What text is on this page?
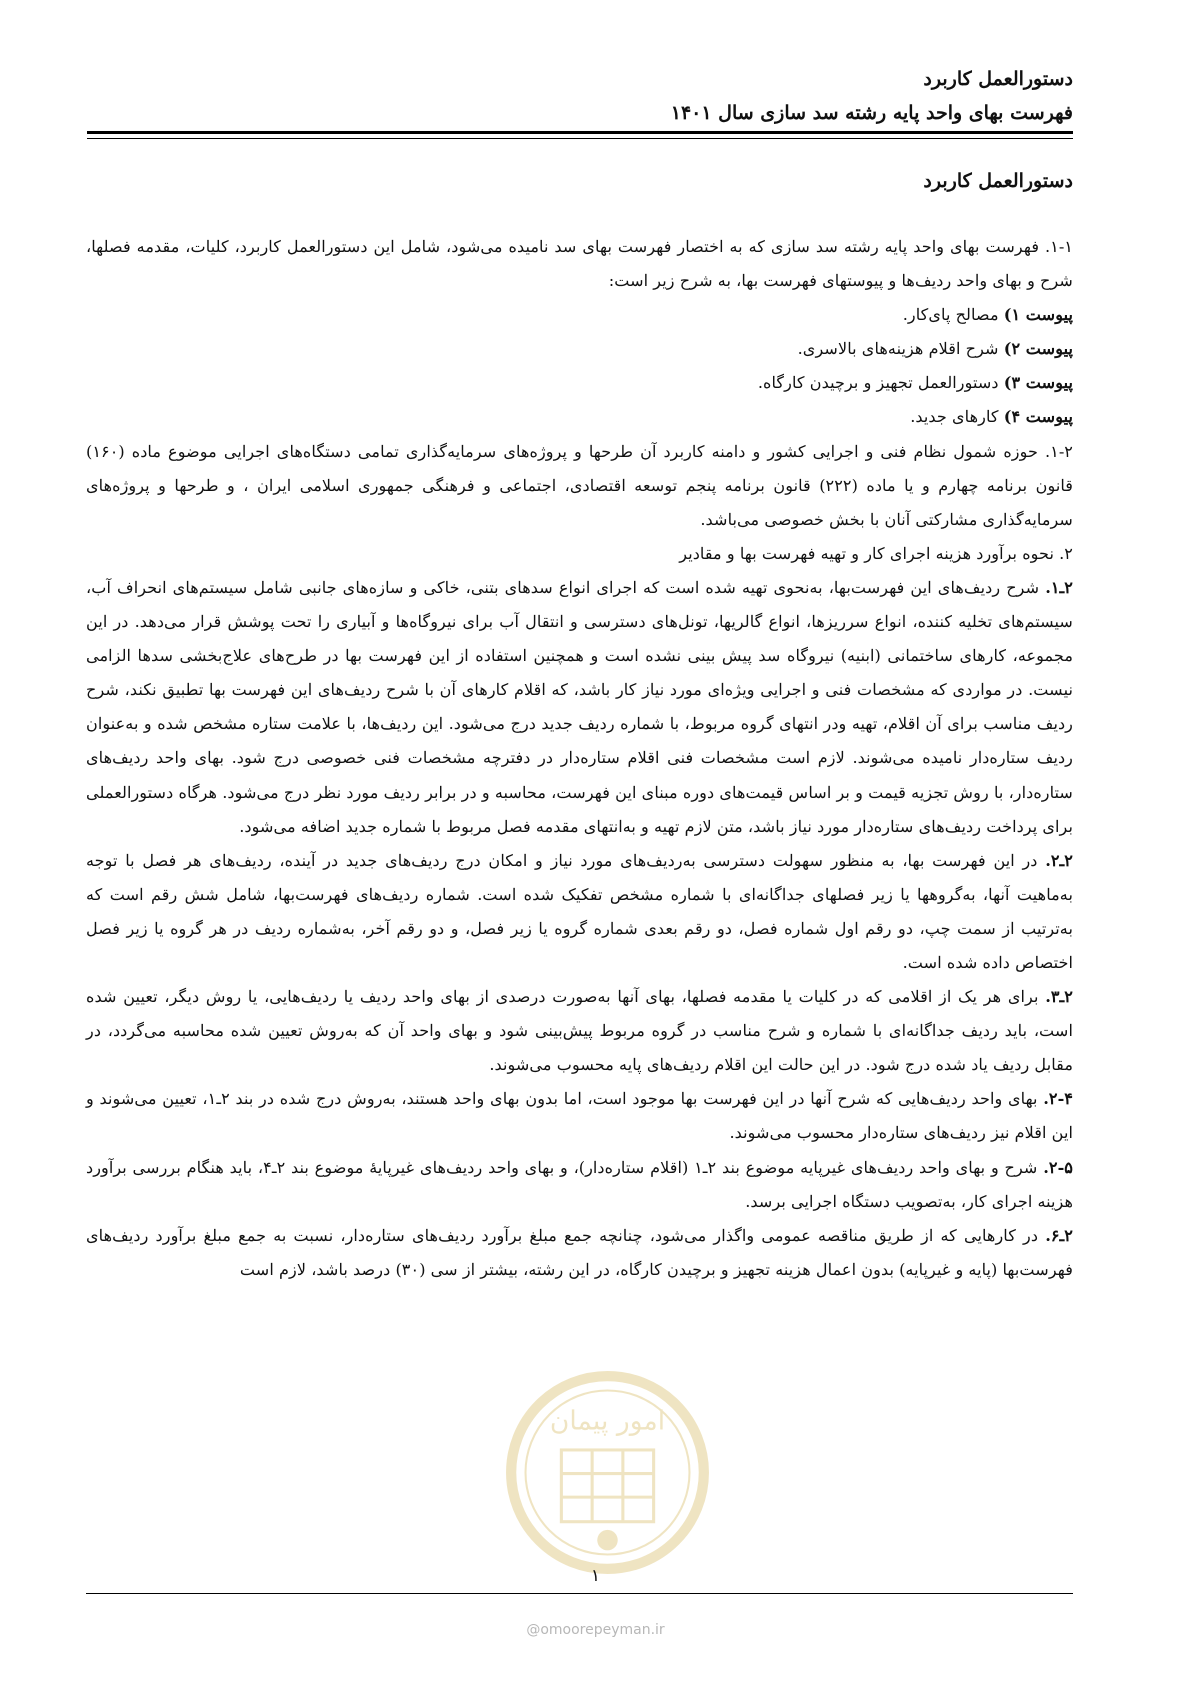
دستورالعمل کاربرد

فهرست بهای واحد پایه رشته سد سازی سال ۱۴۰۱

دستورالعمل کاربرد

۱-۱. فهرست بهای واحد پایه رشته سد سازی که به اختصار فهرست بهای سد نامیده می‌شود، شامل این دستورالعمل کاربرد، کلیات، مقدمه فصلها، شرح و بهای واحد ردیف‌ها و پیوستهای فهرست بها، به شرح زیر است:

پیوست ۱) مصالح پای‌کار.

پیوست ۲) شرح اقلام هزینه‌های بالاسری.

پیوست ۳) دستورالعمل تجهیز و برچیدن کارگاه.

پیوست ۴) کارهای جدید.

۱-۲. حوزه شمول نظام فنی و اجرایی کشور و دامنه کاربرد آن طرحها و پروژه‌های سرمایه‌گذاری تمامی دستگاه‌های اجرایی موضوع ماده (۱۶۰) قانون برنامه چهارم و یا ماده (۲۲۲) قانون برنامه پنجم توسعه اقتصادی، اجتماعی و فرهنگی جمهوری اسلامی ایران ، و طرحها و پروژه‌های سرمایه‌گذاری مشارکتی آنان با بخش خصوصی می‌باشد.

۲. نحوه برآورد هزینه اجرای کار و تهیه فهرست بها و مقادیر

۲ـ۱. شرح ردیف‌های این فهرست‌بها، به‌نحوی تهیه شده است که اجرای انواع سدهای بتنی، خاکی و سازه‌های جانبی شامل سیستم‌های انحراف آب، سیستم‌های تخلیه کننده، انواع سرریزها، انواع گالریها، تونل‌های دسترسی و انتقال آب برای نیروگاه‌ها و آبیاری را تحت پوشش قرار می‌دهد. در این مجموعه، کارهای ساختمانی (ابنیه) نیروگاه سد پیش بینی نشده است و همچنین استفاده از این فهرست بها در طرح‌های علاج‌بخشی سدها الزامی نیست. در مواردی که مشخصات فنی و اجرایی ویژه‌ای مورد نیاز کار باشد، که اقلام کارهای آن با شرح ردیف‌های این فهرست بها تطبیق نکند، شرح ردیف مناسب برای آن اقلام، تهیه ودر انتهای گروه مربوط، با شماره ردیف جدید درج می‌شود. این ردیف‌ها، با علامت ستاره مشخص شده و به‌عنوان ردیف ستاره‌دار نامیده می‌شوند. لازم است مشخصات فنی اقلام ستاره‌دار در دفترچه مشخصات فنی خصوصی درج شود. بهای واحد ردیف‌های ستاره‌دار، با روش تجزیه قیمت و بر اساس قیمت‌های دوره مبنای این فهرست، محاسبه و در برابر ردیف مورد نظر درج می‌شود. هرگاه دستورالعملی برای پرداخت ردیف‌های ستاره‌دار مورد نیاز باشد، متن لازم تهیه و به‌انتهای مقدمه فصل مربوط با شماره جدید اضافه می‌شود.

۲ـ۲. در این فهرست بها، به منظور سهولت دسترسی به‌ردیف‌های مورد نیاز و امکان درج ردیف‌های جدید در آینده، ردیف‌های هر فصل با توجه به‌ماهیت آنها، به‌گروهها یا زیر فصلهای جداگانه‌ای با شماره مشخص تفکیک شده است. شماره ردیف‌های فهرست‌بها، شامل شش رقم است که به‌ترتیب از سمت چپ، دو رقم اول شماره فصل، دو رقم بعدی شماره گروه یا زیر فصل، و دو رقم آخر، به‌شماره ردیف در هر گروه یا زیر فصل اختصاص داده شده است.

۲ـ۳. برای هر یک از اقلامی که در کلیات یا مقدمه فصلها، بهای آنها به‌صورت درصدی از بهای واحد ردیف یا ردیف‌هایی، یا روش دیگر، تعیین شده است، باید ردیف جداگانه‌ای با شماره و شرح مناسب در گروه مربوط پیش‌بینی شود و بهای واحد آن که به‌روش تعیین شده محاسبه می‌گردد، در مقابل ردیف یاد شده درج شود. در این حالت این اقلام ردیف‌های پایه محسوب می‌شوند.

۲-۴. بهای واحد ردیف‌هایی که شرح آنها در این فهرست بها موجود است، اما بدون بهای واحد هستند، به‌روش درج شده در بند ۲ـ۱، تعیین می‌شوند و این اقلام نیز ردیف‌های ستاره‌دار محسوب می‌شوند.

۲-۵. شرح و بهای واحد ردیف‌های غیرپایه موضوع بند ۲ـ۱ (اقلام ستاره‌دار)، و بهای واحد ردیف‌های غیرپایهٔ موضوع بند ۲ـ۴، باید هنگام بررسی برآورد هزینه اجرای کار، به‌تصویب دستگاه اجرایی برسد.

۲ـ۶. در کارهایی که از طریق مناقصه عمومی واگذار می‌شود، چنانچه جمع مبلغ برآورد ردیف‌های ستاره‌دار، نسبت به جمع مبلغ برآورد ردیف‌های فهرست‌بها (پایه و غیرپایه) بدون اعمال هزینه تجهیز و برچیدن کارگاه، در این رشته، بیشتر از سی (۳۰) درصد باشد، لازم است

امور پیمان
۱
@omoorepeyman.ir
